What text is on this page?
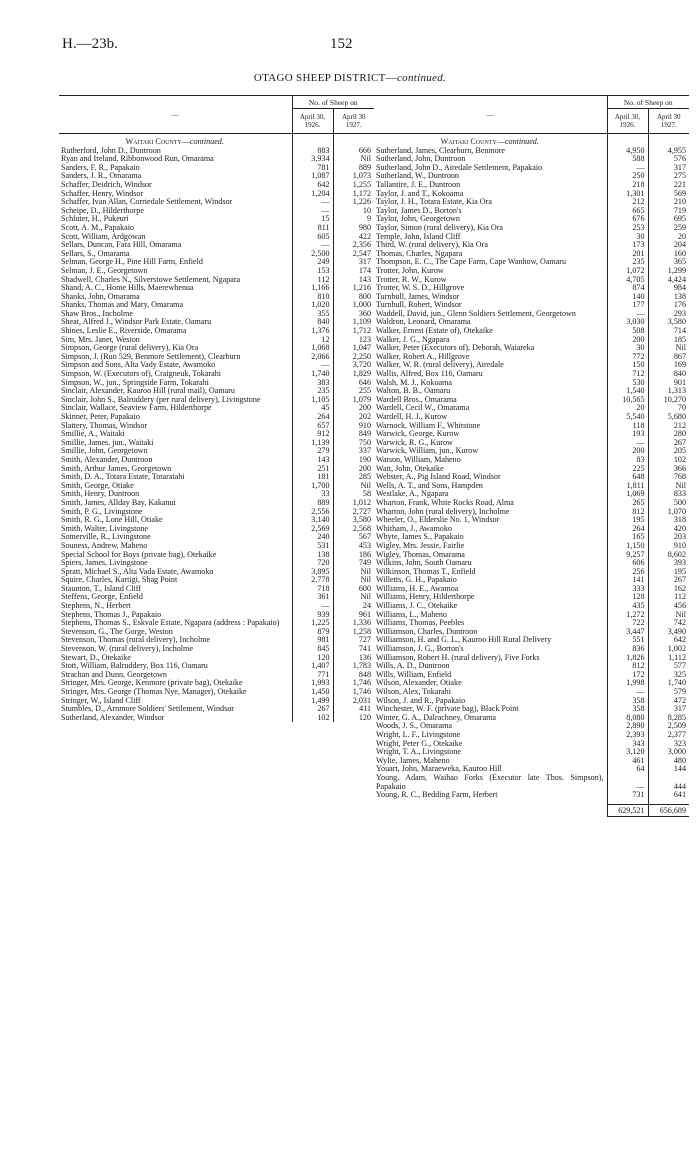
H.—23b.	152
OTAGO SHEEP DISTRICT—continued.
—	No. of Sheep on	
	April 30,
1926.	April 30
1927.
Waitaki County—continued.		
Rutherford, John D., Duntroon	883	666
Ryan and Ireland, Ribbonwood Run, Omarama	3,934	Nil
Sanders, F. R., Papakaio	781	889
Sanders, J. R., Omarama	1,087	1,073
Schaffer, Deidrich, Windsor	642	1,255
Schaffer, Henry, Windsor	1,204	1,172
Schaffer, Ivan Allan, Corriedale Settlement, Windsor	—	1,226
Scheipe, D., Hilderthorpe	—	10
Schluter, H., Pukeuri	15	9
Scott, A. M., Papakaio	811	980
Scott, William, Ardgowan	605	422
Sellars, Duncan, Fara Hill, Omarama	—	2,356
Sellars, S., Omarama	2,500	2,547
Selman, George H., Pine Hill Farm, Enfield	249	317
Selman, J. E., Georgetown	153	174
Shadwell, Charles N., Silverstowe Settlement, Ngapara	112	143
Shand, A. C., Home Hills, Maerewhenua	1,166	1,216
Shanks, John, Omarama	810	800
Shanks, Thomas and Mary, Omarama	1,020	1,000
Shaw Bros., Incholme	355	360
Sheat, Alfred J., Windsor Park Estate, Oamaru	840	1,109
Shines, Leslie E., Riverside, Omarama	1,376	1,712
Sim, Mrs. Janet, Weston	12	123
Simpson, George (rural delivery), Kia Ora	1,068	1,047
Simpson, J. (Run 529, Benmore Settlement), Clearburn	2,066	2,250
Simpson and Sons, Alta Vady Estate, Awamoko	—	3,720
Simpson, W. (Executors of), Craigneuk, Tokarahi	1,740	1,829
Simpson, W., jun., Springside Farm, Tokarahi	383	646
Sinclair, Alexander, Kauroo Hill (rural mail), Oamaru	235	255
Sinclair, John S., Balruddery (per rural delivery), Livingstone	1,105	1,079
Sinclair, Wallace, Seaview Farm, Hilderthorpe	45	200
Skinner, Peter, Papakaio	264	202
Slattery, Thomas, Windsor	657	910
Smillie, A., Waitaki	912	849
Smillie, James, jun., Waitaki	1,139	750
Smillie, John, Georgetown	279	337
Smith, Alexander, Duntroon	143	190
Smith, Arthur James, Georgetown	251	200
Smith, D. A., Totara Estate, Totaratahi	181	285
Smith, George, Otiake	1,700	Nil
Smith, Henry, Duntroon	33	58
Smith, James, Allday Bay, Kakanui	889	1,012
Smith, P. G., Livingstone	2,556	2,727
Smith, R. G., Lone Hill, Otiake	3,140	3,580
Smith, Walter, Livingstone	2,569	2,568
Somerville, R., Livingstone	240	567
Souness, Andrew, Maheno	531	453
Special School for Boys (private bag), Otekaike	138	186
Spiers, James, Livingstone	720	749
Spratt, Michael S., Alta Vada Estate, Awamoko	3,895	Nil
Squire, Charles, Kartigi, Shag Point	2,778	Nil
Staunton, T., Island Cliff	718	600
Steffens, George, Enfield	361	Nil
Stephens, N., Herbert	—	24
Stephens, Thomas J., Papakaio	939	961
Stephens, Thomas S., Eskvale Estate, Ngapara (address : Papakaio)	1,225	1,336
Stevenson, G., The Gorge, Weston	879	1,258
Stevenson, Thomas (rural delivery), Incholme	981	727
Stevenson, W. (rural delivery), Incholme	845	741
Stewart, D., Otekaike	120	136
Stott, William, Balruddery, Box 116, Oamaru	1,407	1,783
Strachan and Dunn, Georgetown	771	848
Stringer, Mrs. George, Kenmore (private bag), Otekaike	1,993	1,746
Stringer, Mrs. George (Thomas Nye, Manager), Otekaike	1,450	1,746
Stringer, W., Island Cliff	1,499	2,031
Stumbles, D., Arnmore Soldiers' Settlement, Windsor	267	411
Sutherland, Alexander, Windsor	102	120
—	No. of Sheep on	
	April 30,
1926.	April 30
1927.
Waitaki County—continued.		
Sutherland, James, Clearburn, Benmore	4,950	4,955
Sutherland, John, Duntroon	588	576
Sutherland, John D., Airedale Settlement, Papakaio	—	317
Sutherland, W., Duntroon	250	275
Tallantire, J. E., Duntroon	218	221
Taylor, J. and T., Kokoama	1,301	569
Taylor, J. H., Totara Estate, Kia Ora	212	210
Taylor, James D., Borton's	665	719
Taylor, John, Georgetown	676	695
Taylor, Simon (rural delivery), Kia Ora	253	259
Temple, John, Island Cliff	30	20
Third, W. (rural delivery), Kia Ora	173	204
Thomas, Charles, Ngapara	201	160
Thompson, E. C., The Cape Farm, Cape Wanhow, Oamaru	235	365
Trotter, John, Kurow	1,072	1,299
Trotter, R. W., Kurow	4,705	4,424
Trotter, W. S. D., Hillgrove	874	984
Turnbull, James, Windsor	140	138
Turnbull, Robert, Windsor	177	176
Waddell, David, jun., Glenn Soldiers Settlement, Georgetown	—	293
Waldron, Leonard, Omarama	3,030	3,580
Walker, Ernest (Estate of), Otekaike	508	714
Walker, J. G., Ngapara	200	185
Walker, Peter (Executors of), Deborah, Waiareka	30	Nil
Walker, Robert A., Hillgrove	772	867
Walker, W. R. (rural delivery), Airedale	150	169
Wallis, Alfred, Box 116, Oamaru	712	840
Walsh, M. J., Kokoama	530	901
Walton, B. B., Oamaru	1,540	1,313
Wardell Bros., Omarama	10,565	10,270
Wardell, Cecil W., Omarama	20	70
Wardell, H. J., Kurow	5,540	5,680
Warnock, William F., Whitstone	118	212
Warwick, George, Kurow	193	280
Warwick, R. G., Kurow	—	267
Warwick, William, jun., Kurow	200	205
Watson, William, Maheno	83	102
Watt, John, Otekaike	225	366
Webster, A., Pig Island Road, Windsor	648	768
Wells, A. T., and Sons, Hampden	1,811	Nil
Westlake, A., Ngapara	1,069	833
Wharton, Frank, White Rocks Road, Alma	265	500
Wharton, John (rural delivery), Incholme	812	1,070
Wheeler, O., Elderslie No. 1, Windsor	195	318
Whitham, J., Awamoko	264	420
Whyte, James S., Papakaio	165	203
Wigley, Mrs. Jessie, Fairlie	1,150	910
Wigley, Thomas, Omarama	9,257	8,602
Wilkins, John, South Oamaru	606	393
Wilkinson, Thomas T., Enfield	256	195
Willetts, G. H., Papakaio	141	267
Williams, H. E., Awamoa	333	162
Williams, Henry, Hilderthorpe	128	112
Williams, J. C., Otekaike	435	456
Williams, L., Maheno	1,272	Nil
Williams, Thomas, Peebles	722	742
Williamson, Charles, Duntroon	3,447	3,490
Williamson, H. and G. L., Kauroo Hill Rural Delivery	551	642
Williamson, J. G., Borton's	836	1,002
Williamson, Robert H. (rural delivery), Five Forks	1,826	1,112
Wills, A. D., Duntroon	812	577
Wills, William, Enfield	172	325
Wilson, Alexander, Otiake	1,998	1,740
Wilson, Alex, Tokarahi	—	579
Wilson, J. and R., Papakaio	358	472
Winchester, W. F. (private bag), Black Point	358	317
Winter, G. A., Dalrachney, Omarama	8,080	8,285
Woods, J. S., Omarama	2,890	2,509
Wright, L. F., Livingstone	2,393	2,377
Wright, Peter G., Otekaike	343	323
Wright, T. A., Livingstone	3,120	3,000
Wylie, James, Maheno	461	480
Youart, John, Maraeweka, Kauroo Hill	64	144
Young, Adam, Waihao Forks (Executor late Thos. Simpson), Papakaio	—	444
Young, R. C., Bedding Farm, Herbert	731	641

	629,521	656,689
